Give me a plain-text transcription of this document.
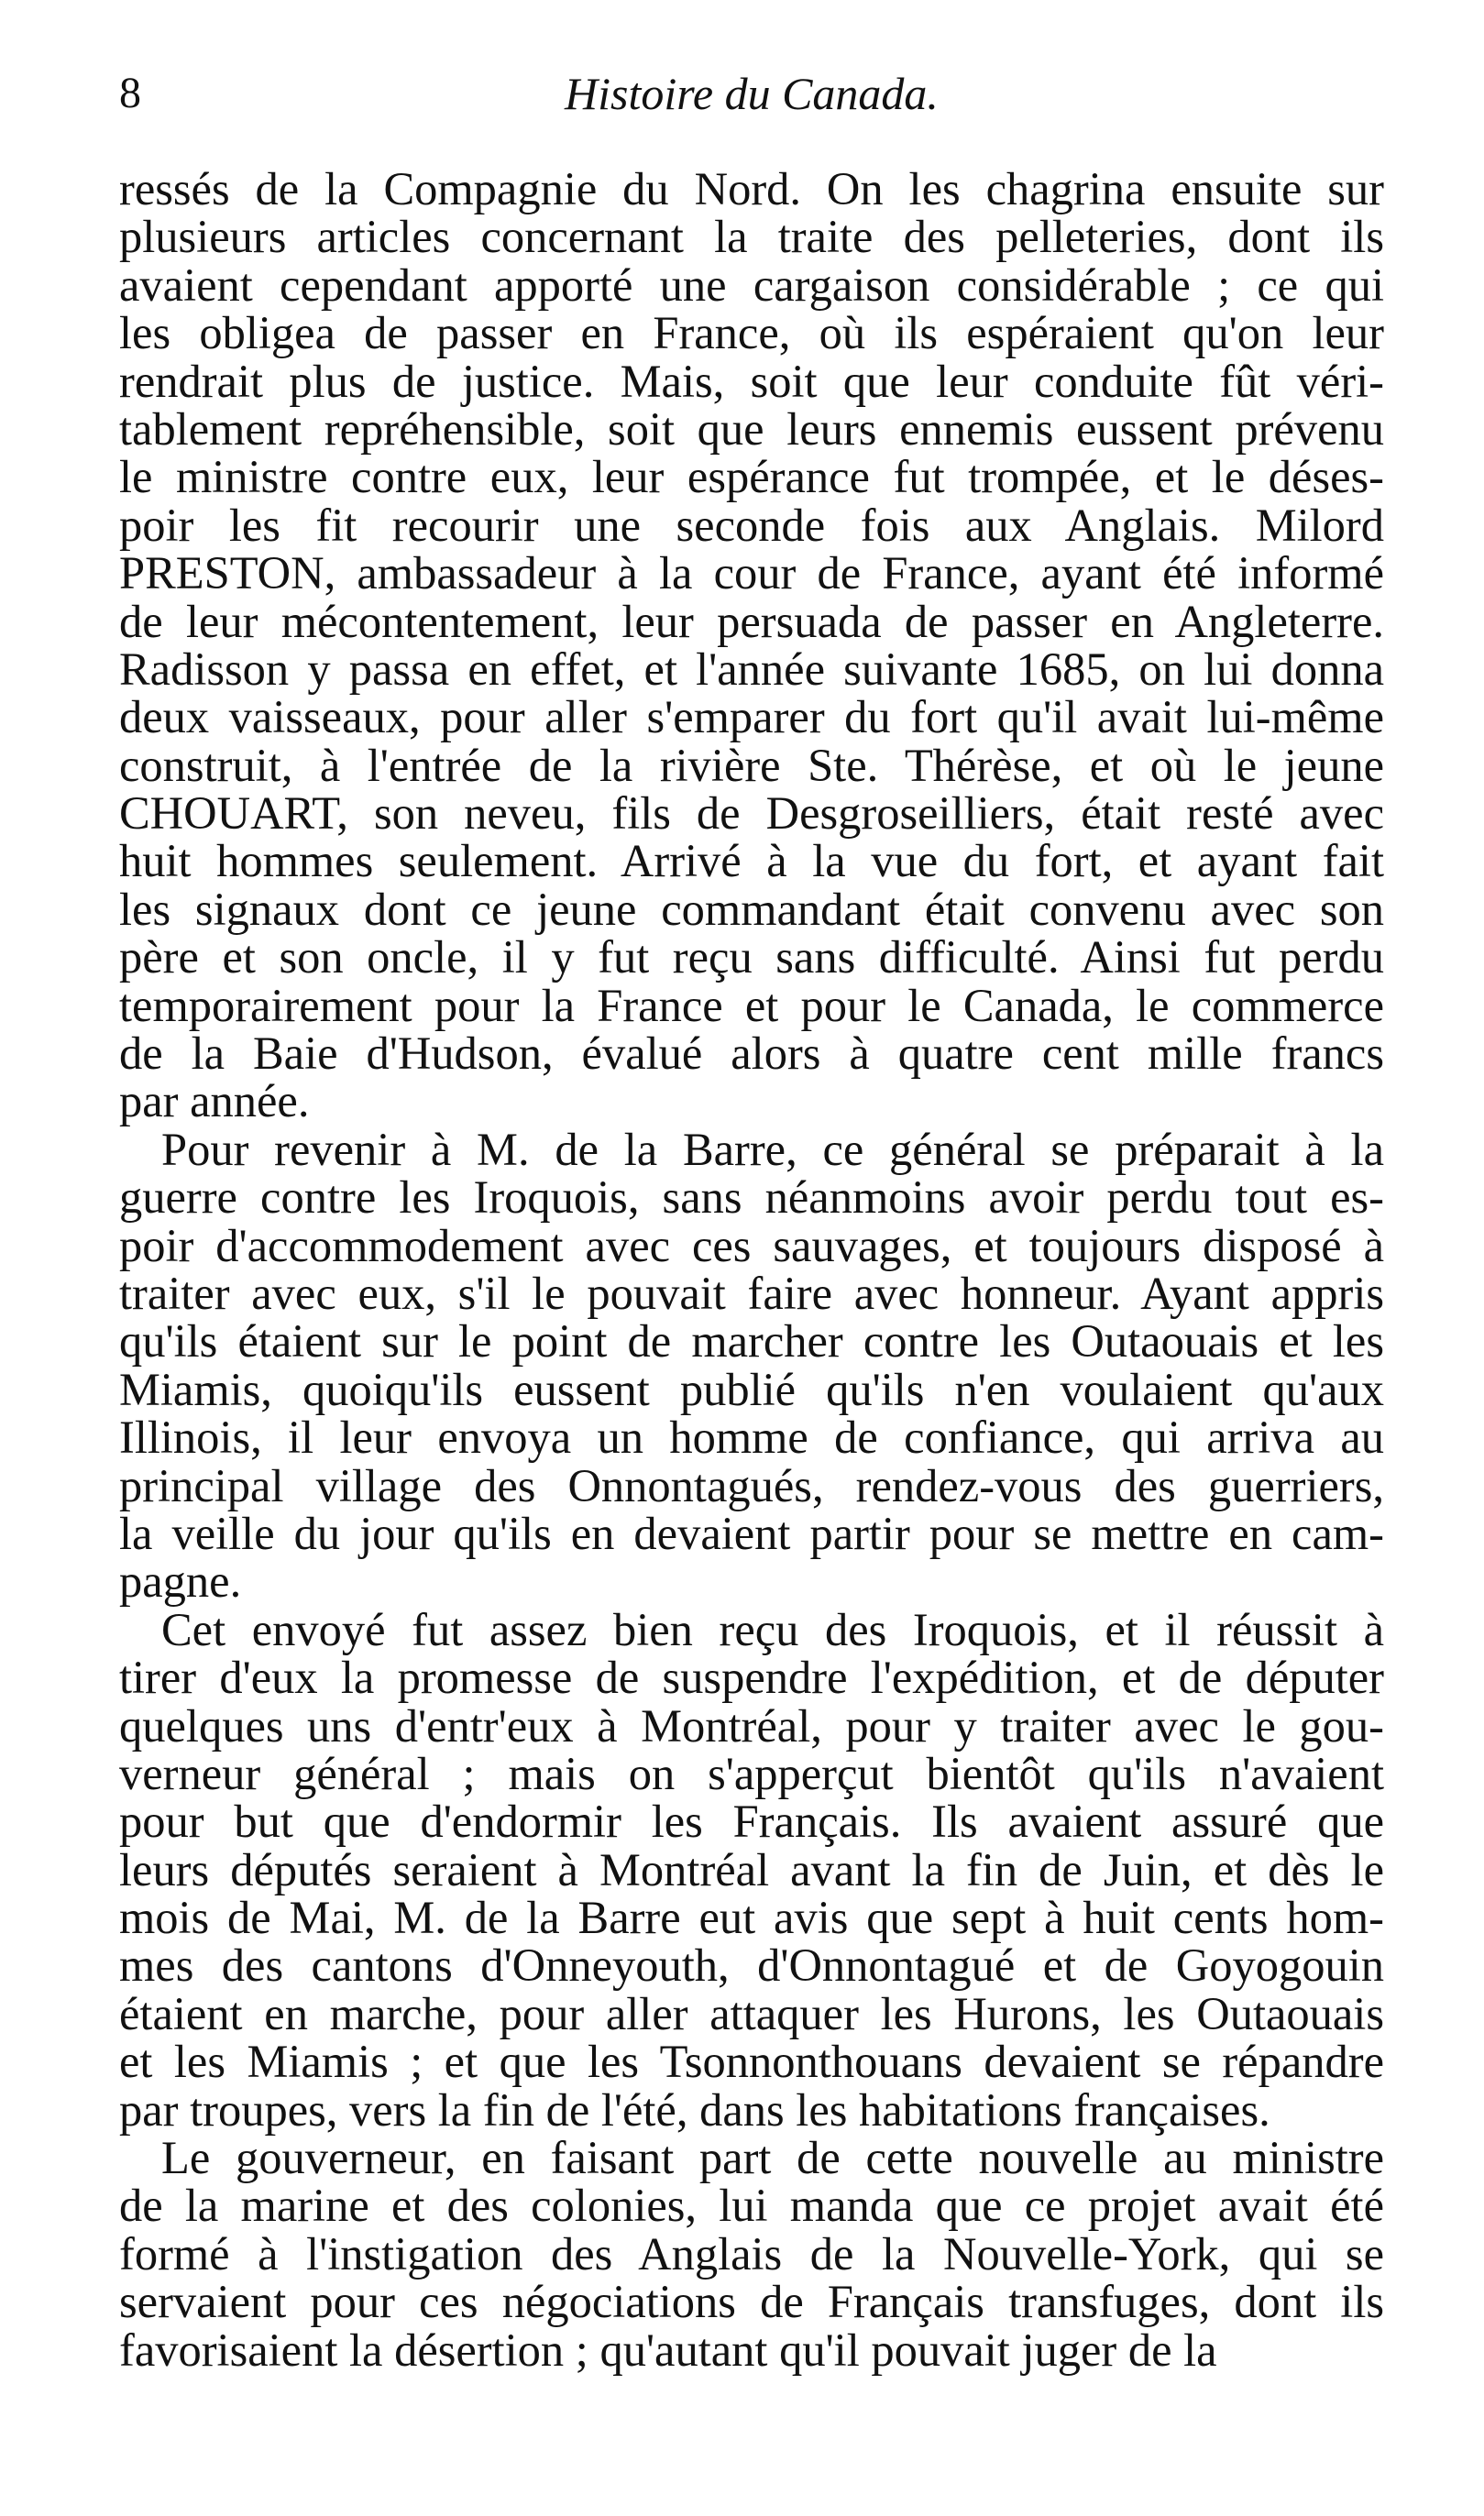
8	Histoire du Canada.
ressés de la Compagnie du Nord. On les chagrina ensuite sur
plusieurs articles concernant la traite des pelleteries, dont ils
avaient cependant apporté une cargaison considérable ; ce qui
les obligea de passer en France, où ils espéraient qu'on leur
rendrait plus de justice. Mais, soit que leur conduite fût véri-
tablement repréhensible, soit que leurs ennemis eussent prévenu
le ministre contre eux, leur espérance fut trompée, et le déses-
poir les fit recourir une seconde fois aux Anglais. Milord
PRESTON, ambassadeur à la cour de France, ayant été informé
de leur mécontentement, leur persuada de passer en Angleterre.
Radisson y passa en effet, et l'année suivante 1685, on lui donna
deux vaisseaux, pour aller s'emparer du fort qu'il avait lui-même
construit, à l'entrée de la rivière Ste. Thérèse, et où le jeune
CHOUART, son neveu, fils de Desgroseilliers, était resté avec
huit hommes seulement. Arrivé à la vue du fort, et ayant fait
les signaux dont ce jeune commandant était convenu avec son
père et son oncle, il y fut reçu sans difficulté. Ainsi fut perdu
temporairement pour la France et pour le Canada, le commerce
de la Baie d'Hudson, évalué alors à quatre cent mille francs
par année.
Pour revenir à M. de la Barre, ce général se préparait à la
guerre contre les Iroquois, sans néanmoins avoir perdu tout es-
poir d'accommodement avec ces sauvages, et toujours disposé à
traiter avec eux, s'il le pouvait faire avec honneur. Ayant appris
qu'ils étaient sur le point de marcher contre les Outaouais et les
Miamis, quoiqu'ils eussent publié qu'ils n'en voulaient qu'aux
Illinois, il leur envoya un homme de confiance, qui arriva au
principal village des Onnontagués, rendez-vous des guerriers,
la veille du jour qu'ils en devaient partir pour se mettre en cam-
pagne.
Cet envoyé fut assez bien reçu des Iroquois, et il réussit à
tirer d'eux la promesse de suspendre l'expédition, et de députer
quelques uns d'entr'eux à Montréal, pour y traiter avec le gou-
verneur général ; mais on s'apperçut bientôt qu'ils n'avaient
pour but que d'endormir les Français. Ils avaient assuré que
leurs députés seraient à Montréal avant la fin de Juin, et dès le
mois de Mai, M. de la Barre eut avis que sept à huit cents hom-
mes des cantons d'Onneyouth, d'Onnontagué et de Goyogouin
étaient en marche, pour aller attaquer les Hurons, les Outaouais
et les Miamis ; et que les Tsonnonthouans devaient se répandre
par troupes, vers la fin de l'été, dans les habitations françaises.
Le gouverneur, en faisant part de cette nouvelle au ministre
de la marine et des colonies, lui manda que ce projet avait été
formé à l'instigation des Anglais de la Nouvelle-York, qui se
servaient pour ces négociations de Français transfuges, dont ils
favorisaient la désertion ; qu'autant qu'il pouvait juger de la
